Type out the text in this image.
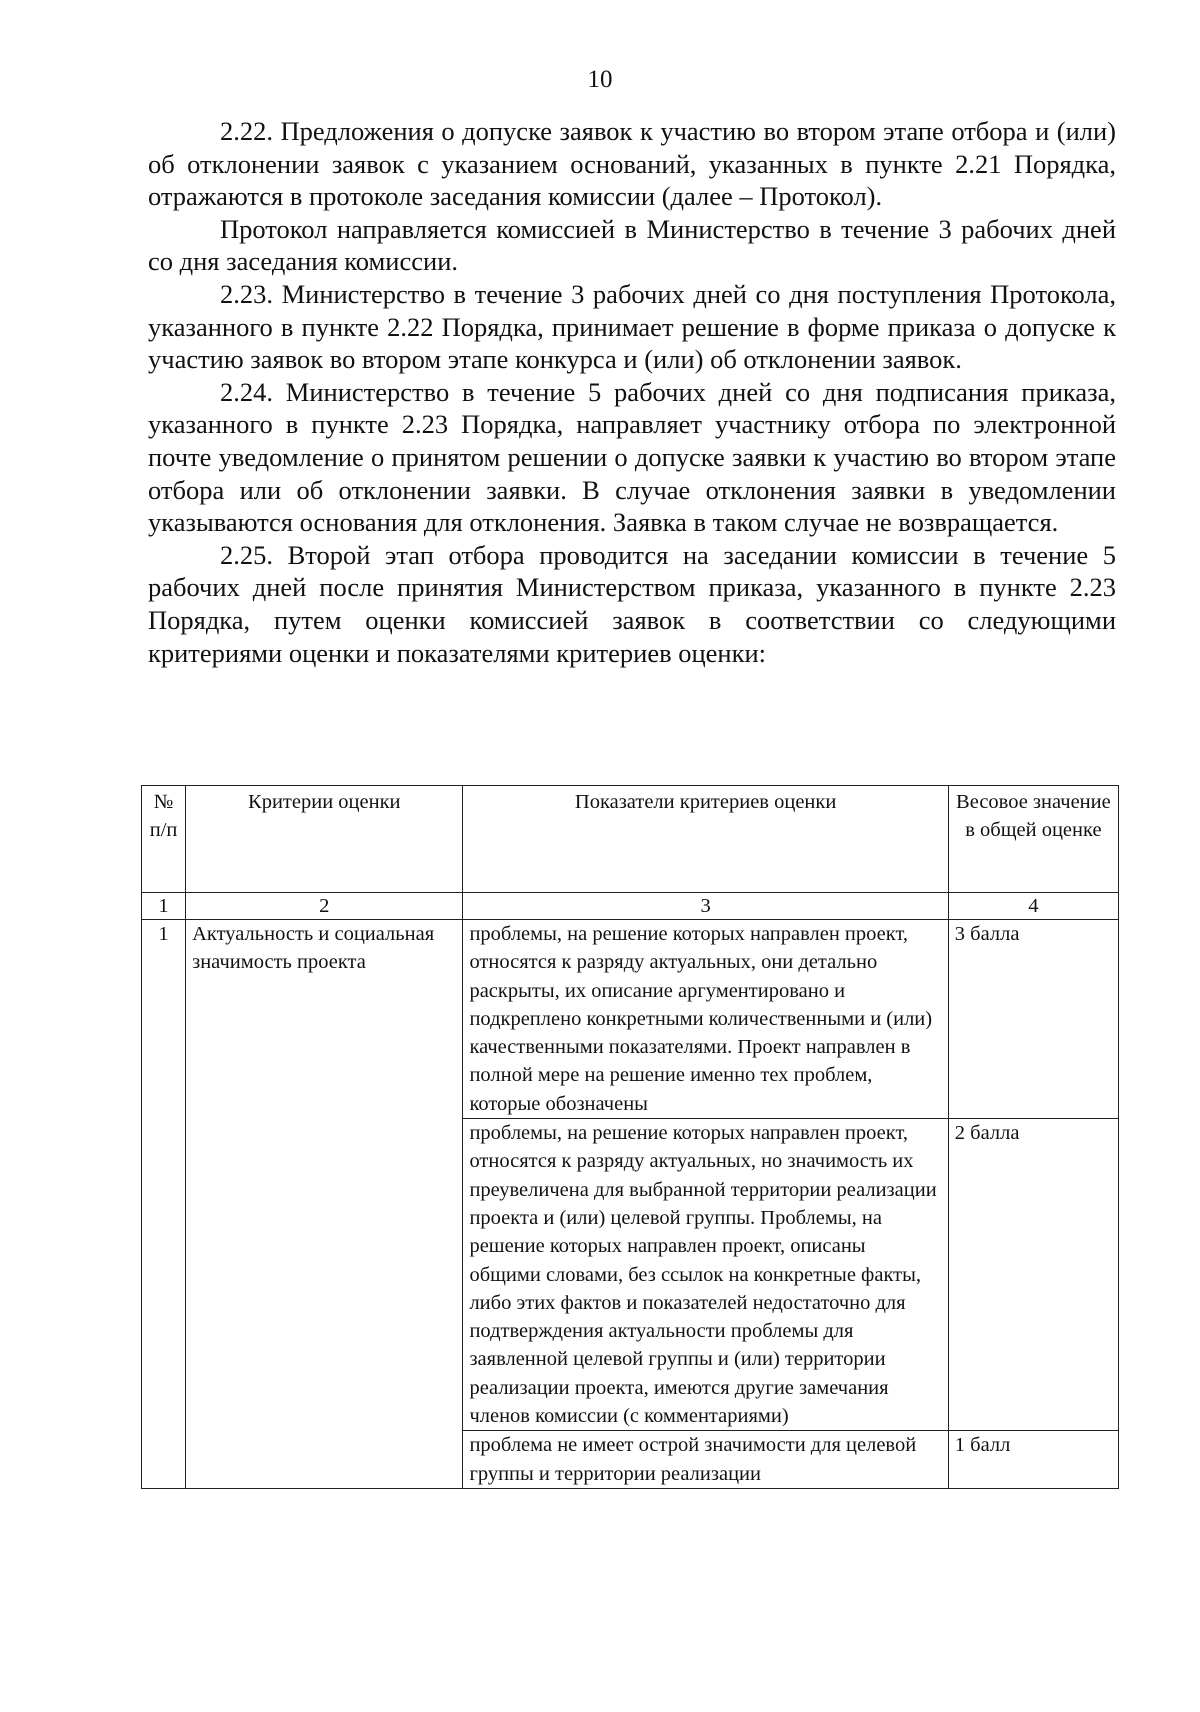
10

2.22. Предложения о допуске заявок к участию во втором этапе отбора и (или) об отклонении заявок с указанием оснований, указанных в пункте 2.21 Порядка, отражаются в протоколе заседания комиссии (далее – Протокол).

Протокол направляется комиссией в Министерство в течение 3 рабочих дней со дня заседания комиссии.

2.23. Министерство в течение 3 рабочих дней со дня поступления Протокола, указанного в пункте 2.22 Порядка, принимает решение в форме приказа о допуске к участию заявок во втором этапе конкурса и (или) об отклонении заявок.

2.24. Министерство в течение 5 рабочих дней со дня подписания приказа, указанного в пункте 2.23 Порядка, направляет участнику отбора по электронной почте уведомление о принятом решении о допуске заявки к участию во втором этапе отбора или об отклонении заявки. В случае отклонения заявки в уведомлении указываются основания для отклонения. Заявка в таком случае не возвращается.

2.25. Второй этап отбора проводится на заседании комиссии в течение 5 рабочих дней после принятия Министерством приказа, указанного в пункте 2.23 Порядка, путем оценки комиссией заявок в соответствии со следующими критериями оценки и показателями критериев оценки:

№ п/п	Критерии оценки	Показатели критериев оценки	Весовое значение в общей оценке
1	2	3	4
1	Актуальность и социальная значимость проекта	проблемы, на решение которых направлен проект, относятся к разряду актуальных, они детально раскрыты, их описание аргументировано и подкреплено конкретными количественными и (или) качественными показателями. Проект направлен в полной мере на решение именно тех проблем, которые обозначены	3 балла
		проблемы, на решение которых направлен проект, относятся к разряду актуальных, но значимость их преувеличена для выбранной территории реализации проекта и (или) целевой группы. Проблемы, на решение которых направлен проект, описаны общими словами, без ссылок на конкретные факты, либо этих фактов и показателей недостаточно для подтверждения актуальности проблемы для заявленной целевой группы и (или) территории реализации проекта, имеются другие замечания членов комиссии (с комментариями)	2 балла
		проблема не имеет острой значимости для целевой группы и территории реализации	1 балл
